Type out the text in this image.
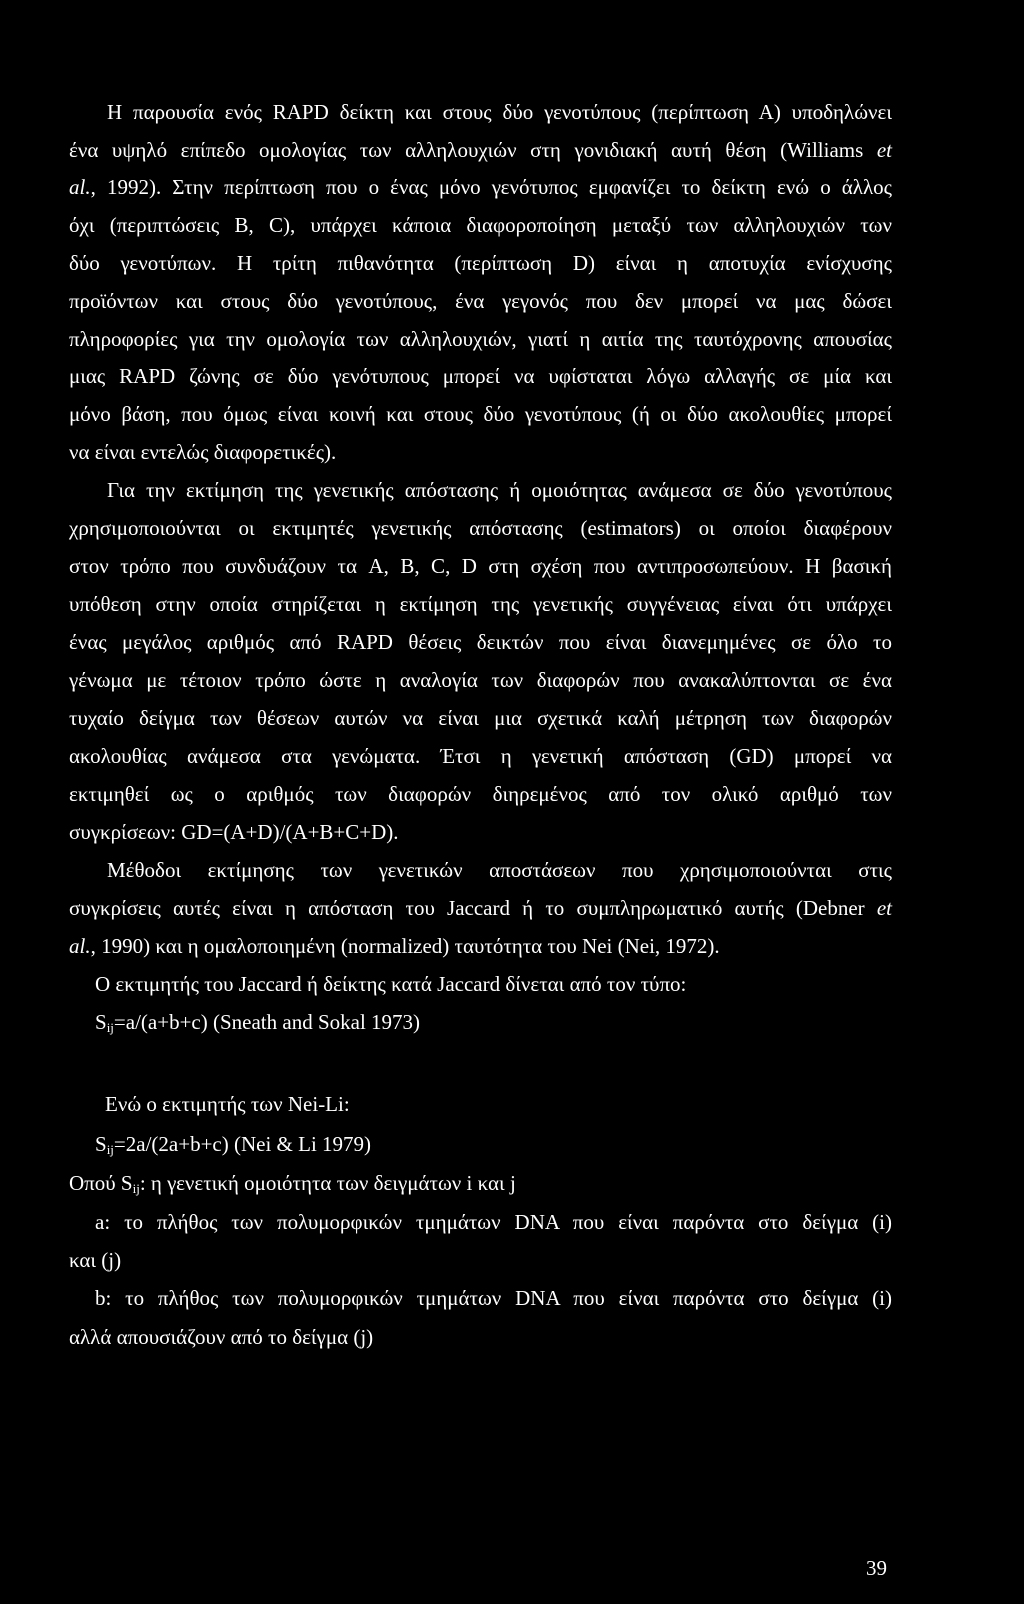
Η παρουσία ενός RAPD δείκτη και στους δύο γενοτύπους (περίπτωση Α) υποδηλώνει
ένα υψηλό επίπεδο ομολογίας των αλληλουχιών στη γονιδιακή αυτή θέση (Williams et
al., 1992). Στην περίπτωση που ο ένας μόνο γενότυπος εμφανίζει το δείκτη ενώ ο άλλος
όχι (περιπτώσεις Β, C), υπάρχει κάποια διαφοροποίηση μεταξύ των αλληλουχιών των
δύο γενοτύπων. Η τρίτη πιθανότητα (περίπτωση D) είναι η αποτυχία ενίσχυσης
προϊόντων και στους δύο γενοτύπους, ένα γεγονός που δεν μπορεί να μας δώσει
πληροφορίες για την ομολογία των αλληλουχιών, γιατί η αιτία της ταυτόχρονης απουσίας
μιας RAPD ζώνης σε δύο γενότυπους μπορεί να υφίσταται λόγω αλλαγής σε μία και
μόνο βάση, που όμως είναι κοινή και στους δύο γενοτύπους (ή οι δύο ακολουθίες μπορεί
να είναι εντελώς διαφορετικές).
Για την εκτίμηση της γενετικής απόστασης ή ομοιότητας ανάμεσα σε δύο γενοτύπους
χρησιμοποιούνται οι εκτιμητές γενετικής απόστασης (estimators) οι οποίοι διαφέρουν
στον τρόπο που συνδυάζουν τα A, B, C, D στη σχέση που αντιπροσωπεύουν. Η βασική
υπόθεση στην οποία στηρίζεται η εκτίμηση της γενετικής συγγένειας είναι ότι υπάρχει
ένας μεγάλος αριθμός από RAPD θέσεις δεικτών που είναι διανεμημένες σε όλο το
γένωμα με τέτοιον τρόπο ώστε η αναλογία των διαφορών που ανακαλύπτονται σε ένα
τυχαίο δείγμα των θέσεων αυτών να είναι μια σχετικά καλή μέτρηση των διαφορών
ακολουθίας ανάμεσα στα γενώματα. Έτσι η γενετική απόσταση (GD) μπορεί να
εκτιμηθεί ως ο αριθμός των διαφορών διηρεμένος από τον ολικό αριθμό των
συγκρίσεων: GD=(A+D)/(A+B+C+D).
Μέθοδοι εκτίμησης των γενετικών αποστάσεων που χρησιμοποιούνται στις
συγκρίσεις αυτές είναι η απόσταση του Jaccard ή το συμπληρωματικό αυτής (Debner et
al., 1990) και η ομαλοποιημένη (normalized) ταυτότητα του Nei (Nei, 1972).
Ο εκτιμητής του Jaccard ή δείκτης κατά Jaccard δίνεται από τον τύπο:
$S_{ij}=a/(a+b+c)$ (Sneath and Sokal 1973)
Ενώ ο εκτιμητής των Nei-Li:
$S_{ij}=2a/(2a+b+c)$ (Nei & Li 1979)
Οπού $S_{ij}$: η γενετική ομοιότητα των δειγμάτων i και j
a: το πλήθος των πολυμορφικών τμημάτων DNA που είναι παρόντα στο δείγμα (i)
και (j)
b: το πλήθος των πολυμορφικών τμημάτων DNA που είναι παρόντα στο δείγμα (i)
αλλά απουσιάζουν από το δείγμα (j)
39
